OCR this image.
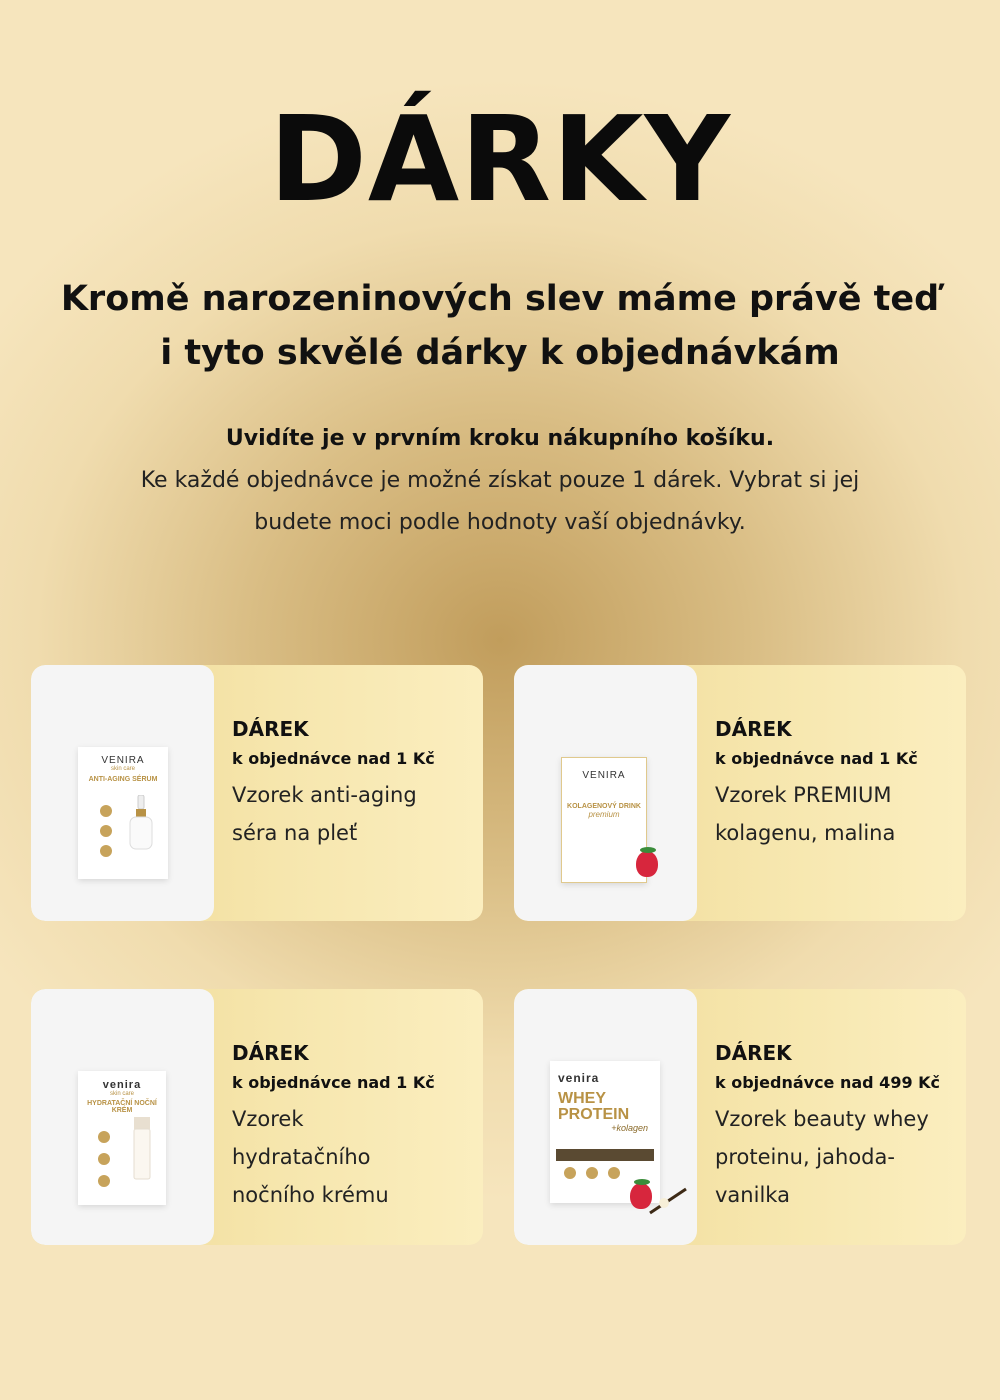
DÁRKY
Kromě narozeninových slev máme právě teď
i tyto skvělé dárky k objednávkám

Uvidíte je v prvním kroku nákupního košíku.

Ke každé objednávce je možné získat pouze 1 dárek. Vybrat si jej

budete moci podle hodnoty vaší objednávky.

VENIRA
skin care
ANTI-AGING SÉRUM

DÁREK

k objednávce nad 1 Kč

Vzorek anti-aging
séra na pleť

VENIRA
KOLAGENOVÝ DRINK
premium

DÁREK

k objednávce nad 1 Kč

Vzorek PREMIUM
kolagenu, malina

venira
skin care
HYDRATAČNÍ NOČNÍ KRÉM

DÁREK

k objednávce nad 1 Kč

Vzorek
hydratačního
nočního krému

venira
WHEY
PROTEIN
+kolagen

DÁREK

k objednávce nad 499 Kč

Vzorek beauty whey
proteinu, jahoda-
vanilka
